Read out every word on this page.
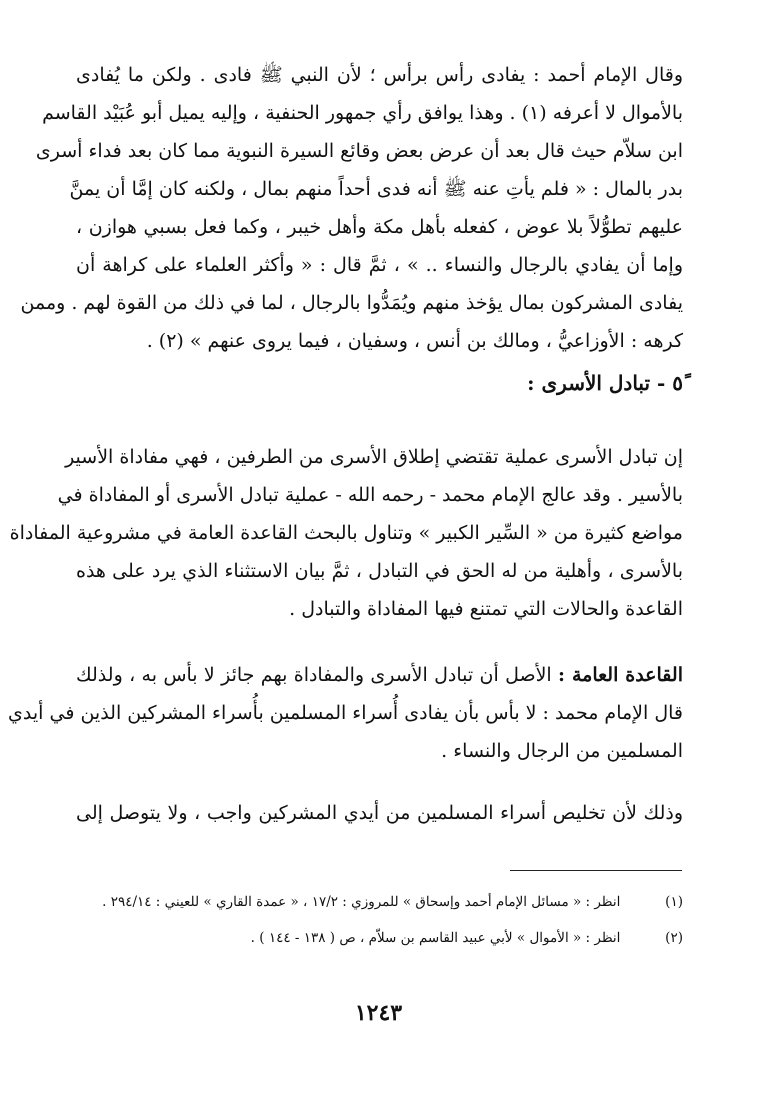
وقال الإمام أحمد : يفادى رأس برأس ؛ لأن النبي ﷺ فادى . ولكن ما يُفادى
بالأموال لا أعرفه (١) . وهذا يوافق رأي جمهور الحنفية ، وإليه يميل أبو عُبَيْد القاسم
ابن سلاّم حيث قال بعد أن عرض بعض وقائع السيرة النبوية مما كان بعد فداء أسرى
بدر بالمال : « فلم يأتِ عنه ﷺ أنه فدى أحداً منهم بمال ، ولكنه كان إمَّا أن يمنَّ
عليهم تطوُّلاً بلا عوض ، كفعله بأهل مكة وأهل خيبر ، وكما فعل بسبي هوازن ،
وإما أن يفادي بالرجال والنساء .. » ، ثمَّ قال : « وأكثر العلماء على كراهة أن
يفادى المشركون بمال يؤخذ منهم ويُمَدُّوا بالرجال ، لما في ذلك من القوة لهم . وممن
كرهه : الأوزاعيُّ ، ومالك بن أنس ، وسفيان ، فيما يروى عنهم » (٢) .
٥ً - تبادل الأسرى :
إن تبادل الأسرى عملية تقتضي إطلاق الأسرى من الطرفين ، فهي مفاداة الأسير
بالأسير . وقد عالج الإمام محمد - رحمه الله - عملية تبادل الأسرى أو المفاداة في
مواضع كثيرة من « السِّير الكبير » وتناول بالبحث القاعدة العامة في مشروعية المفاداة
بالأسرى ، وأهلية من له الحق في التبادل ، ثمَّ بيان الاستثناء الذي يرد على هذه
القاعدة والحالات التي تمتنع فيها المفاداة والتبادل .
القاعدة العامة : الأصل أن تبادل الأسرى والمفاداة بهم جائز لا بأس به ، ولذلك
قال الإمام محمد : لا بأس بأن يفادى أُسراء المسلمين بأُسراء المشركين الذين في أيدي
المسلمين من الرجال والنساء .
وذلك لأن تخليص أسراء المسلمين من أيدي المشركين واجب ، ولا يتوصل إلى
(١)  انظر : « مسائل الإمام أحمد وإسحاق » للمروزي : ١٧/٢ ، « عمدة القاري » للعيني : ٢٩٤/١٤ .
(٢)  انظر : « الأموال » لأبي عبيد القاسم بن سلاّم ، ص ( ١٣٨ - ١٤٤ ) .
١٢٤٣
